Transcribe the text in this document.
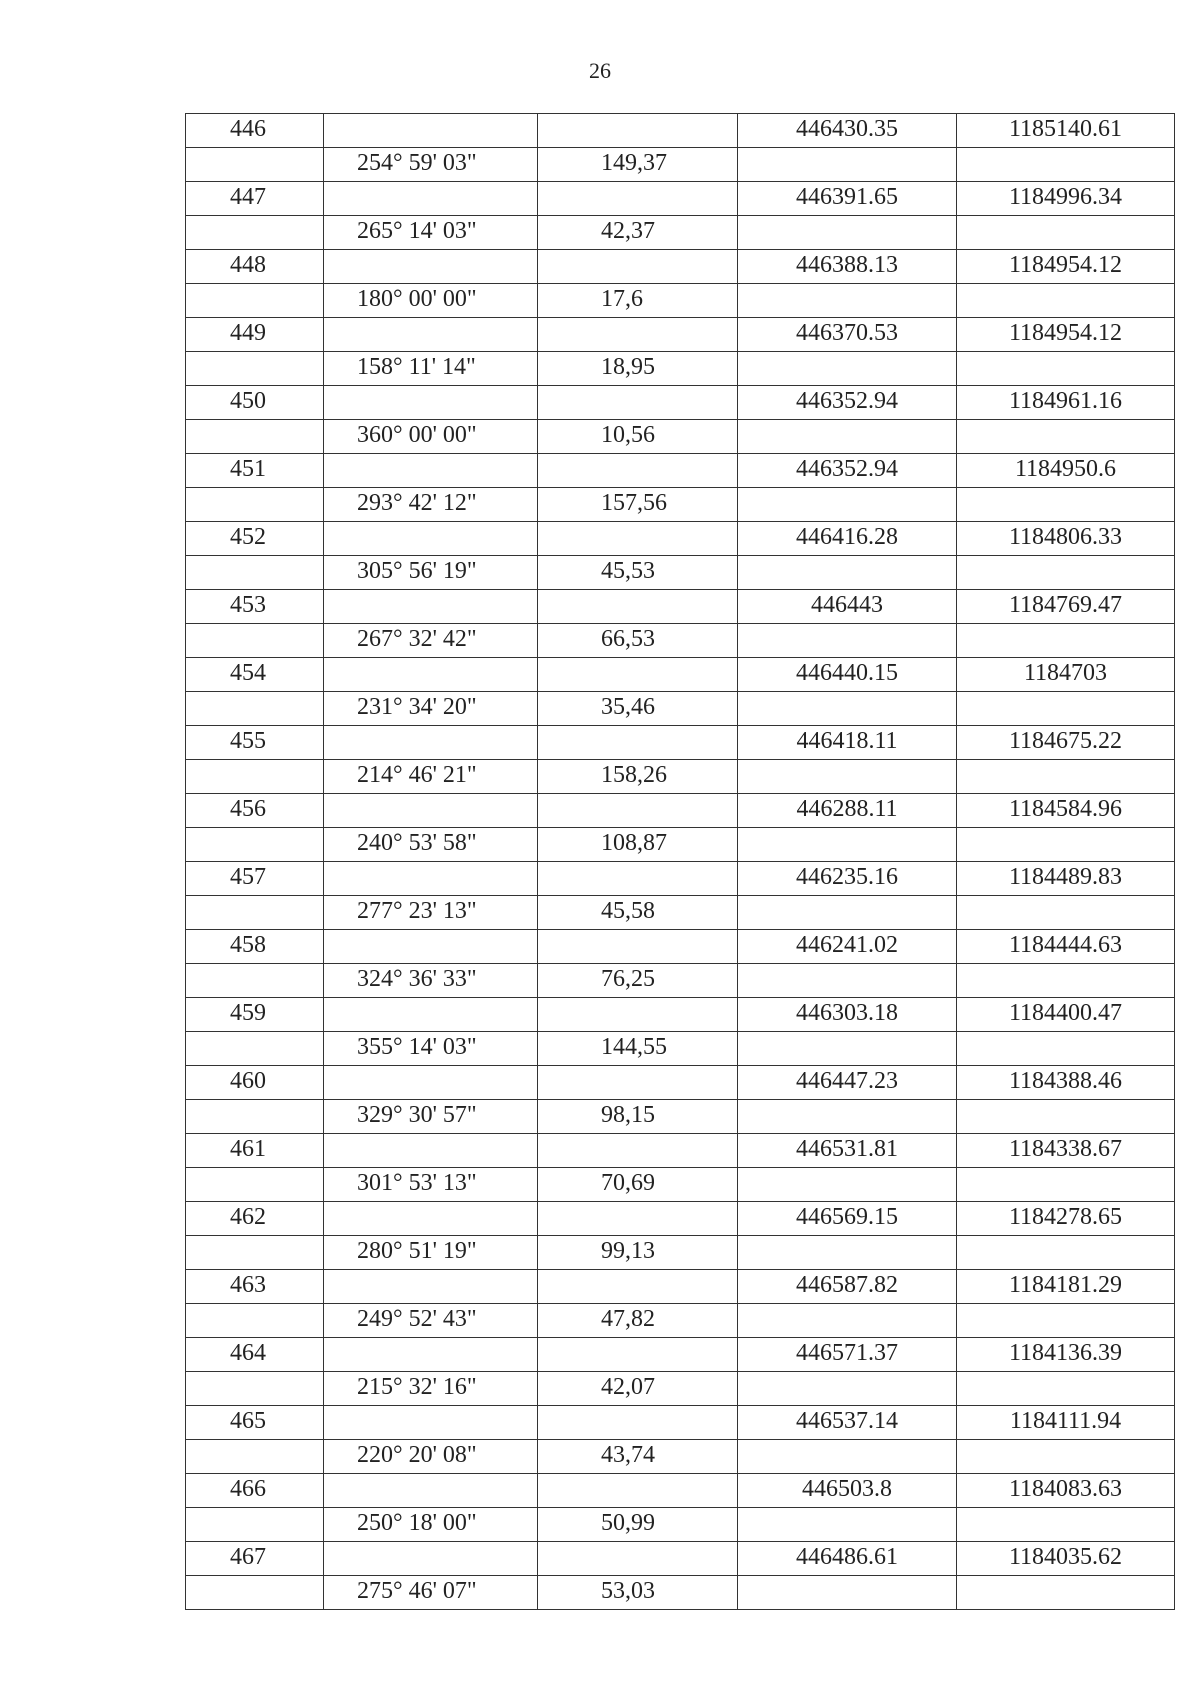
26
446	446430.35	1185140.61
254° 59' 03"	149,37
447	446391.65	1184996.34
265° 14' 03"	42,37
448	446388.13	1184954.12
180° 00' 00"	17,6
449	446370.53	1184954.12
158° 11' 14"	18,95
450	446352.94	1184961.16
360° 00' 00"	10,56
451	446352.94	1184950.6
293° 42' 12"	157,56
452	446416.28	1184806.33
305° 56' 19"	45,53
453	446443	1184769.47
267° 32' 42"	66,53
454	446440.15	1184703
231° 34' 20"	35,46
455	446418.11	1184675.22
214° 46' 21"	158,26
456	446288.11	1184584.96
240° 53' 58"	108,87
457	446235.16	1184489.83
277° 23' 13"	45,58
458	446241.02	1184444.63
324° 36' 33"	76,25
459	446303.18	1184400.47
355° 14' 03"	144,55
460	446447.23	1184388.46
329° 30' 57"	98,15
461	446531.81	1184338.67
301° 53' 13"	70,69
462	446569.15	1184278.65
280° 51' 19"	99,13
463	446587.82	1184181.29
249° 52' 43"	47,82
464	446571.37	1184136.39
215° 32' 16"	42,07
465	446537.14	1184111.94
220° 20' 08"	43,74
466	446503.8	1184083.63
250° 18' 00"	50,99
467	446486.61	1184035.62
275° 46' 07"	53,03
